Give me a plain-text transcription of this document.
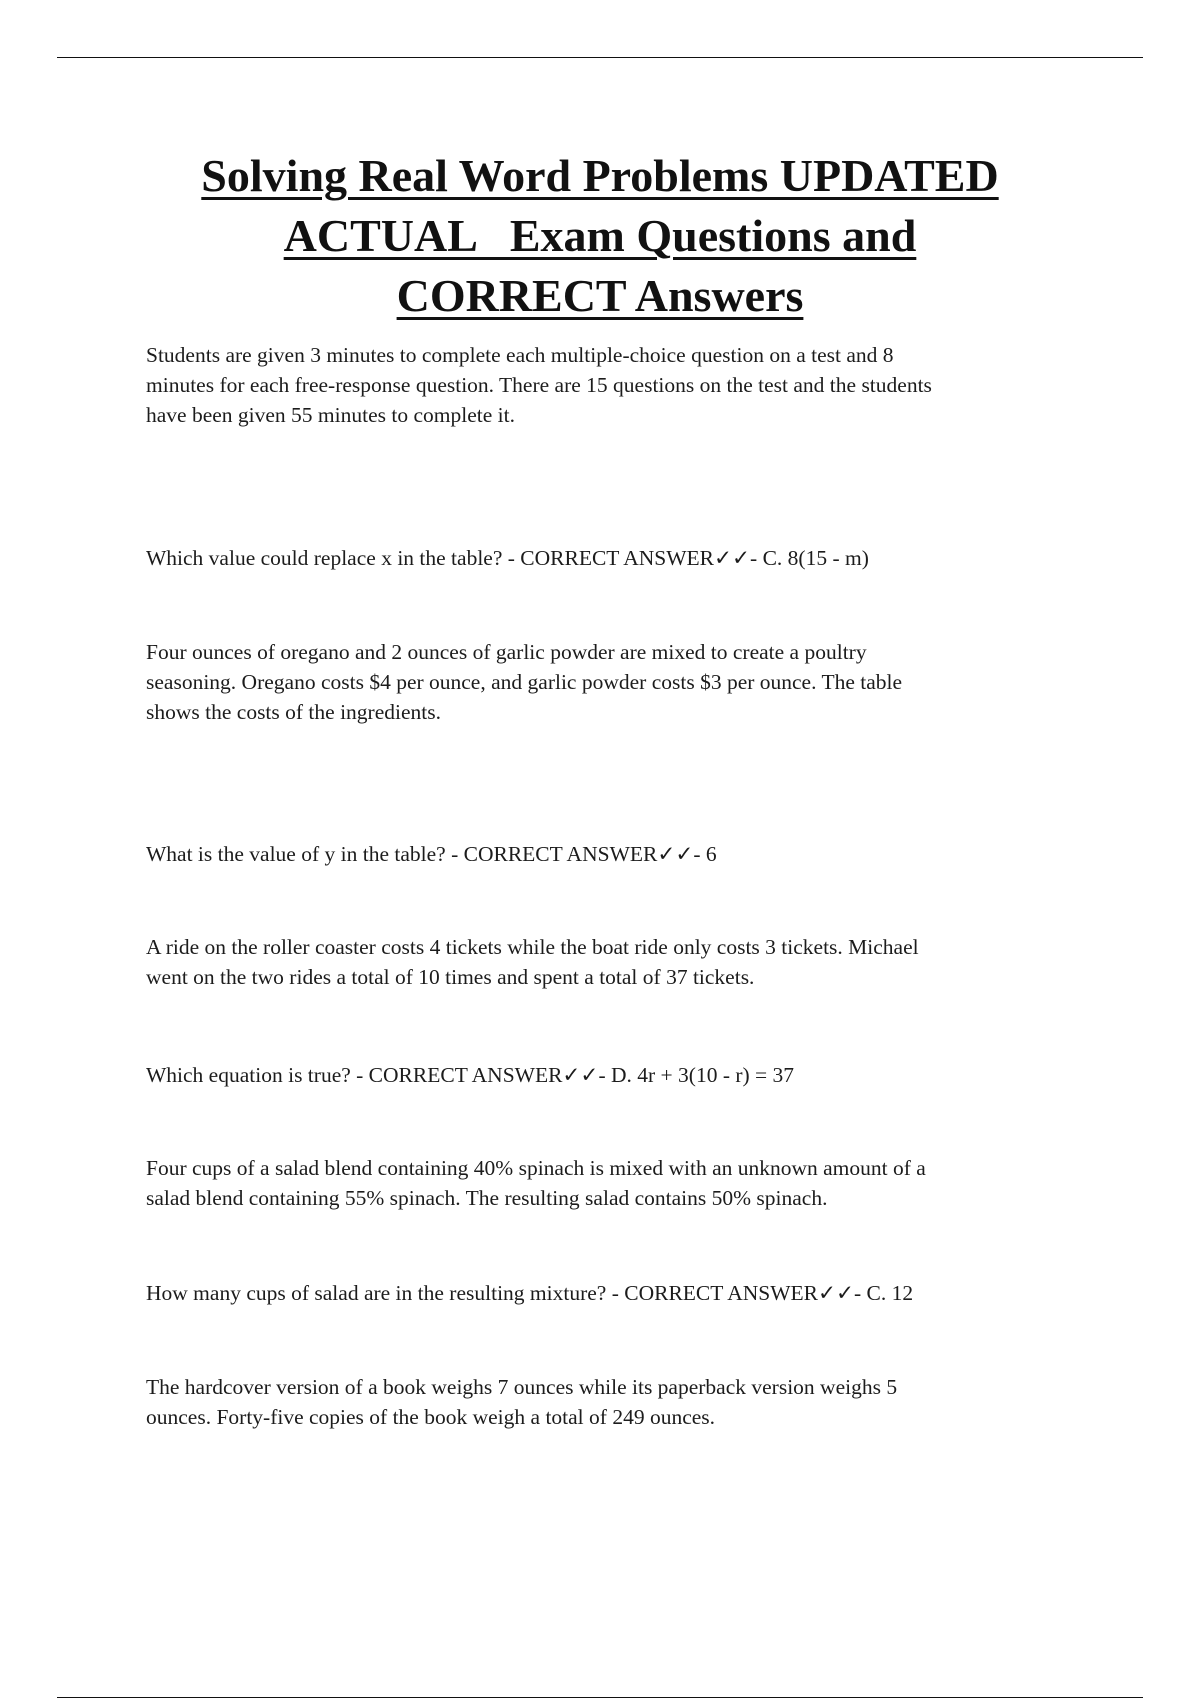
Solving Real Word Problems UPDATED
ACTUAL   Exam Questions and
CORRECT Answers

Students are given 3 minutes to complete each multiple-choice question on a test and 8
minutes for each free-response question. There are 15 questions on the test and the students
have been given 55 minutes to complete it.

Which value could replace x in the table? - CORRECT ANSWER✓✓- C. 8(15 - m)

Four ounces of oregano and 2 ounces of garlic powder are mixed to create a poultry
seasoning. Oregano costs $4 per ounce, and garlic powder costs $3 per ounce. The table
shows the costs of the ingredients.

What is the value of y in the table? - CORRECT ANSWER✓✓- 6

A ride on the roller coaster costs 4 tickets while the boat ride only costs 3 tickets. Michael
went on the two rides a total of 10 times and spent a total of 37 tickets.

Which equation is true? - CORRECT ANSWER✓✓- D. 4r + 3(10 - r) = 37

Four cups of a salad blend containing 40% spinach is mixed with an unknown amount of a
salad blend containing 55% spinach. The resulting salad contains 50% spinach.

How many cups of salad are in the resulting mixture? - CORRECT ANSWER✓✓- C. 12

The hardcover version of a book weighs 7 ounces while its paperback version weighs 5
ounces. Forty-five copies of the book weigh a total of 249 ounces.
